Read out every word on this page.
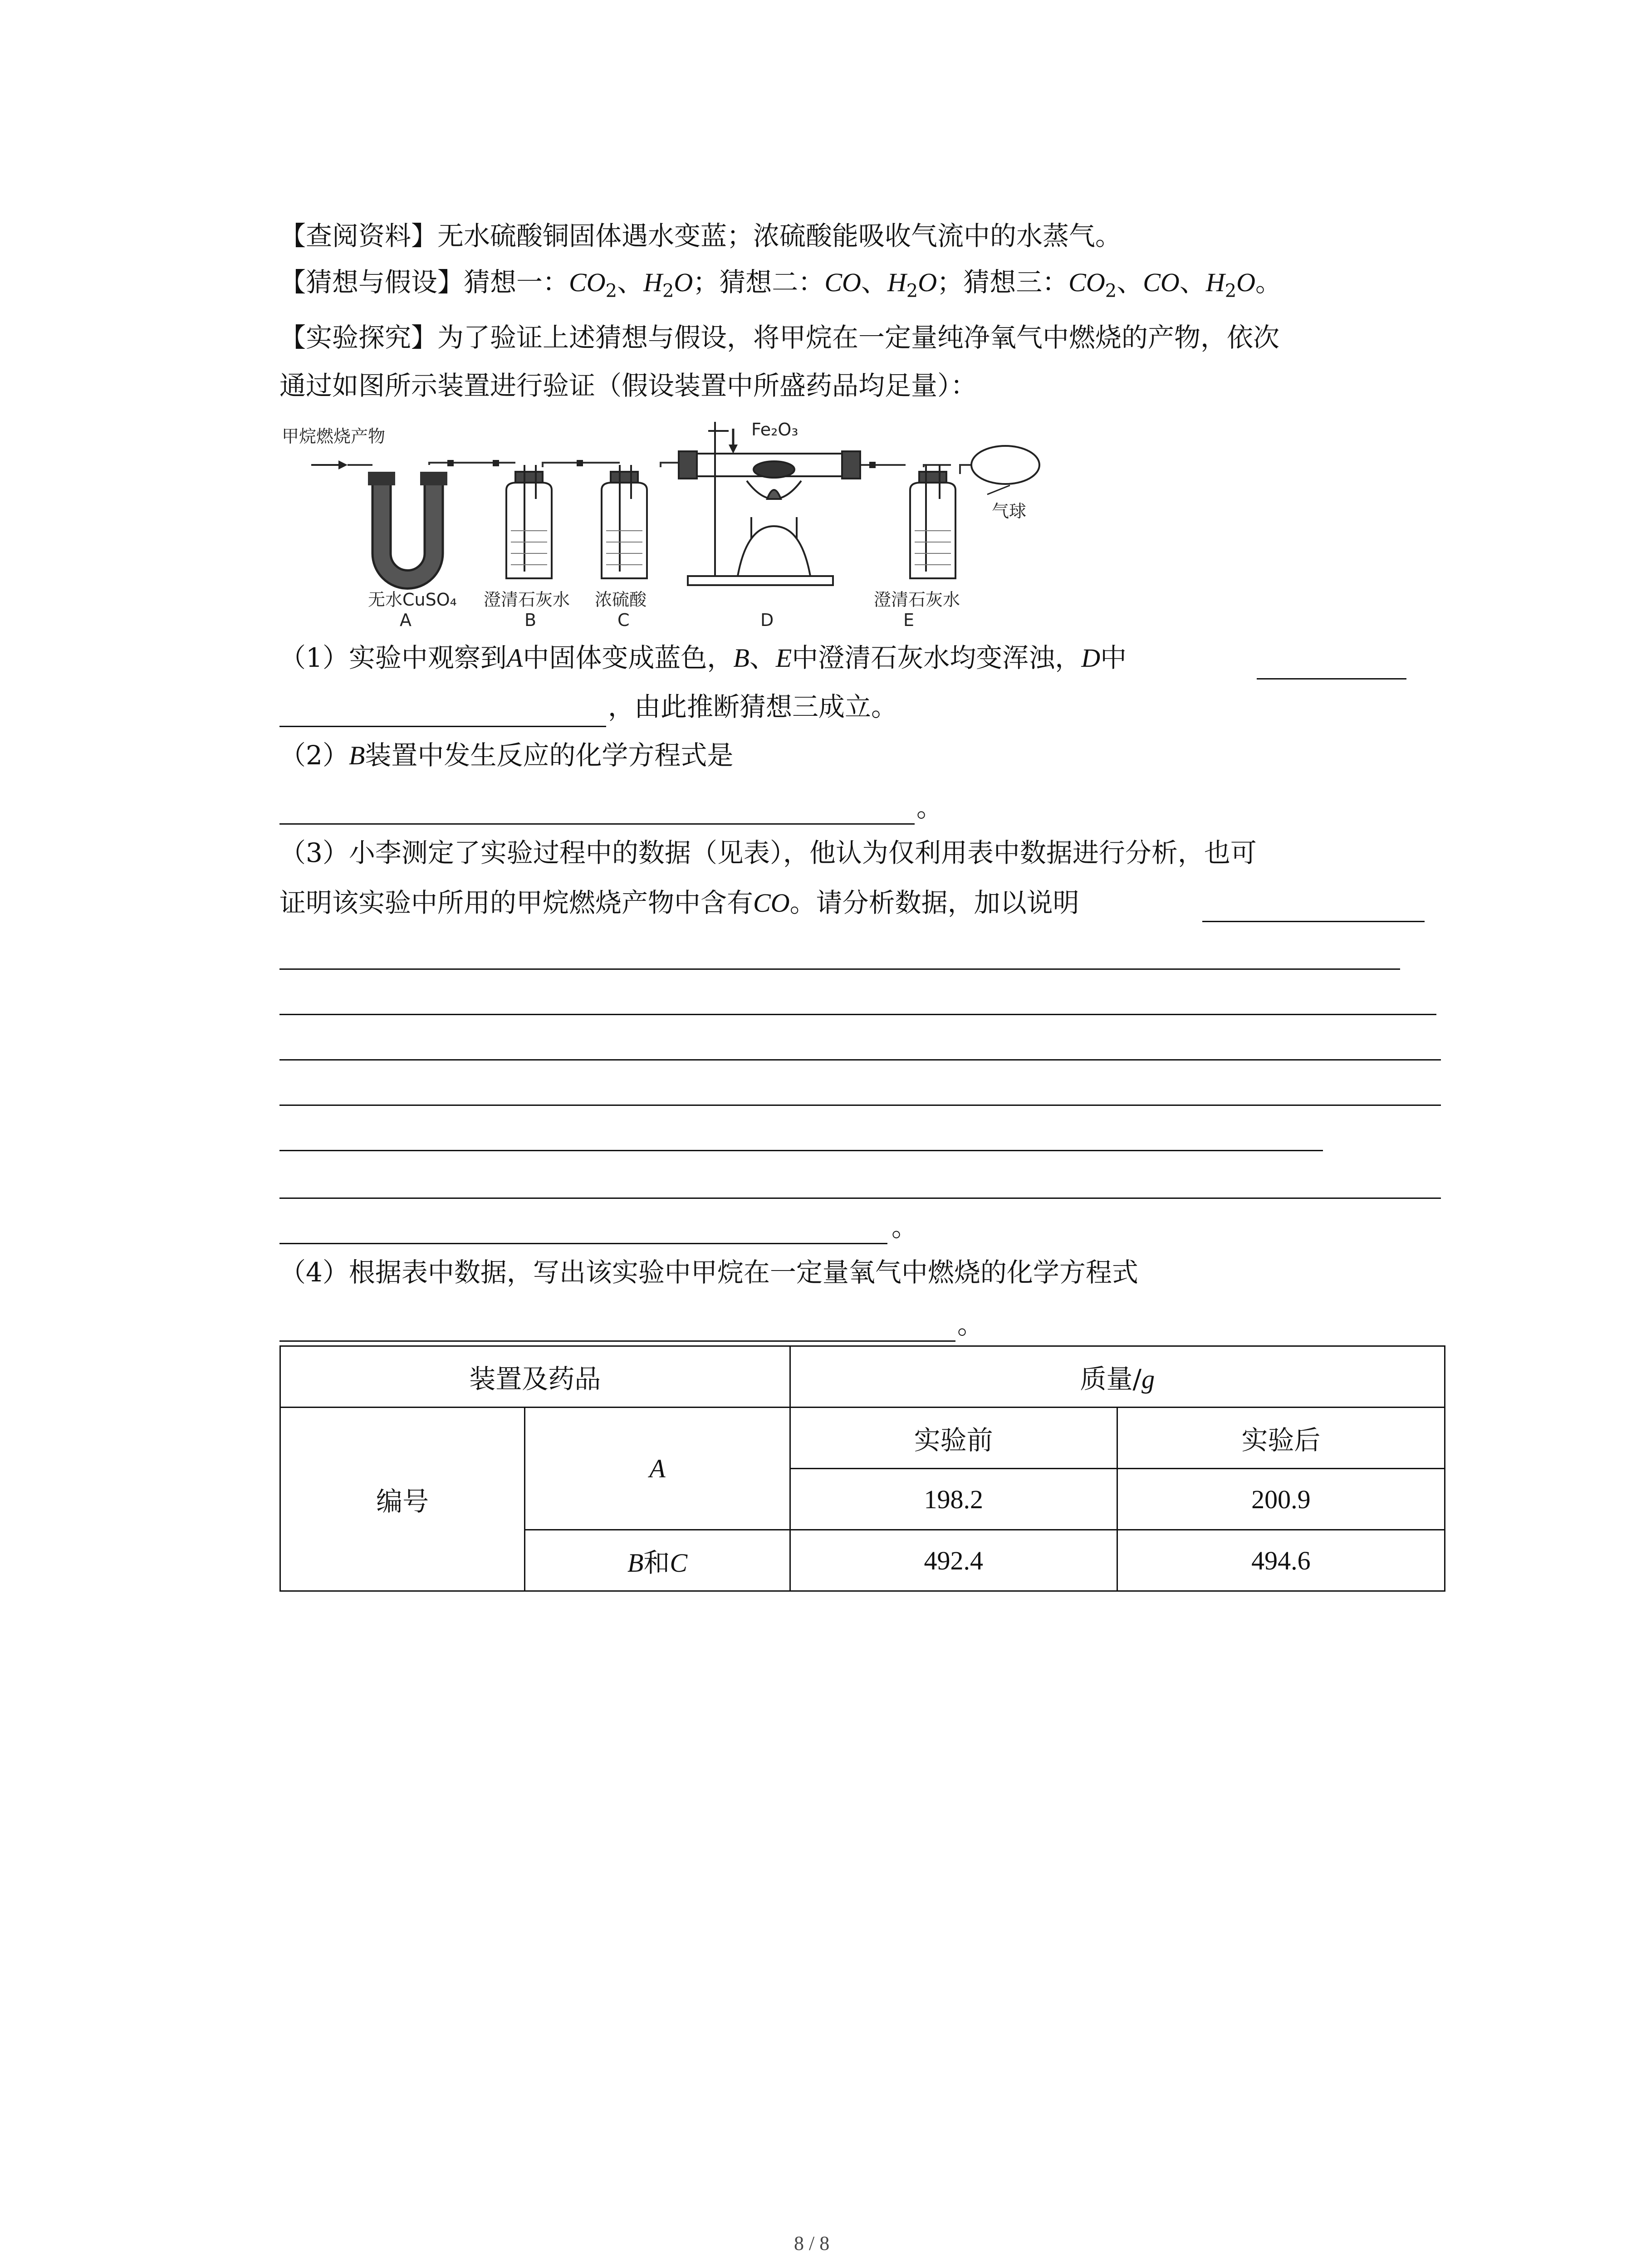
【查阅资料】无水硫酸铜固体遇水变蓝；浓硫酸能吸收气流中的水蒸气。
【猜想与假设】猜想一：$CO_2$、$H_2O$；猜想二：CO、$H_2O$；猜想三：$CO_2$、CO、$H_2O$。
【实验探究】为了验证上述猜想与假设，将甲烷在一定量纯净氧气中燃烧的产物，依次
通过如图所示装置进行验证（假设装置中所盛药品均足量）：
甲烷燃烧产物	Fe₂O₃
气球
无水CuSO₄
A
澄清石灰水
B
浓硫酸
C	D
澄清石灰水
E
（1）实验中观察到A中固体变成蓝色，B、E中澄清石灰水均变浑浊，D中
，由此推断猜想三成立。
（2）B装置中发生反应的化学方程式是
。
（3）小李测定了实验过程中的数据（见表），他认为仅利用表中数据进行分析，也可
证明该实验中所用的甲烷燃烧产物中含有CO。请分析数据，加以说明
。
（4）根据表中数据，写出该实验中甲烷在一定量氧气中燃烧的化学方程式
。
装置及药品		质量/g	
编号	A	实验前	实验后
		198.2	200.9
	B和C	492.4	494.6
8 / 8
